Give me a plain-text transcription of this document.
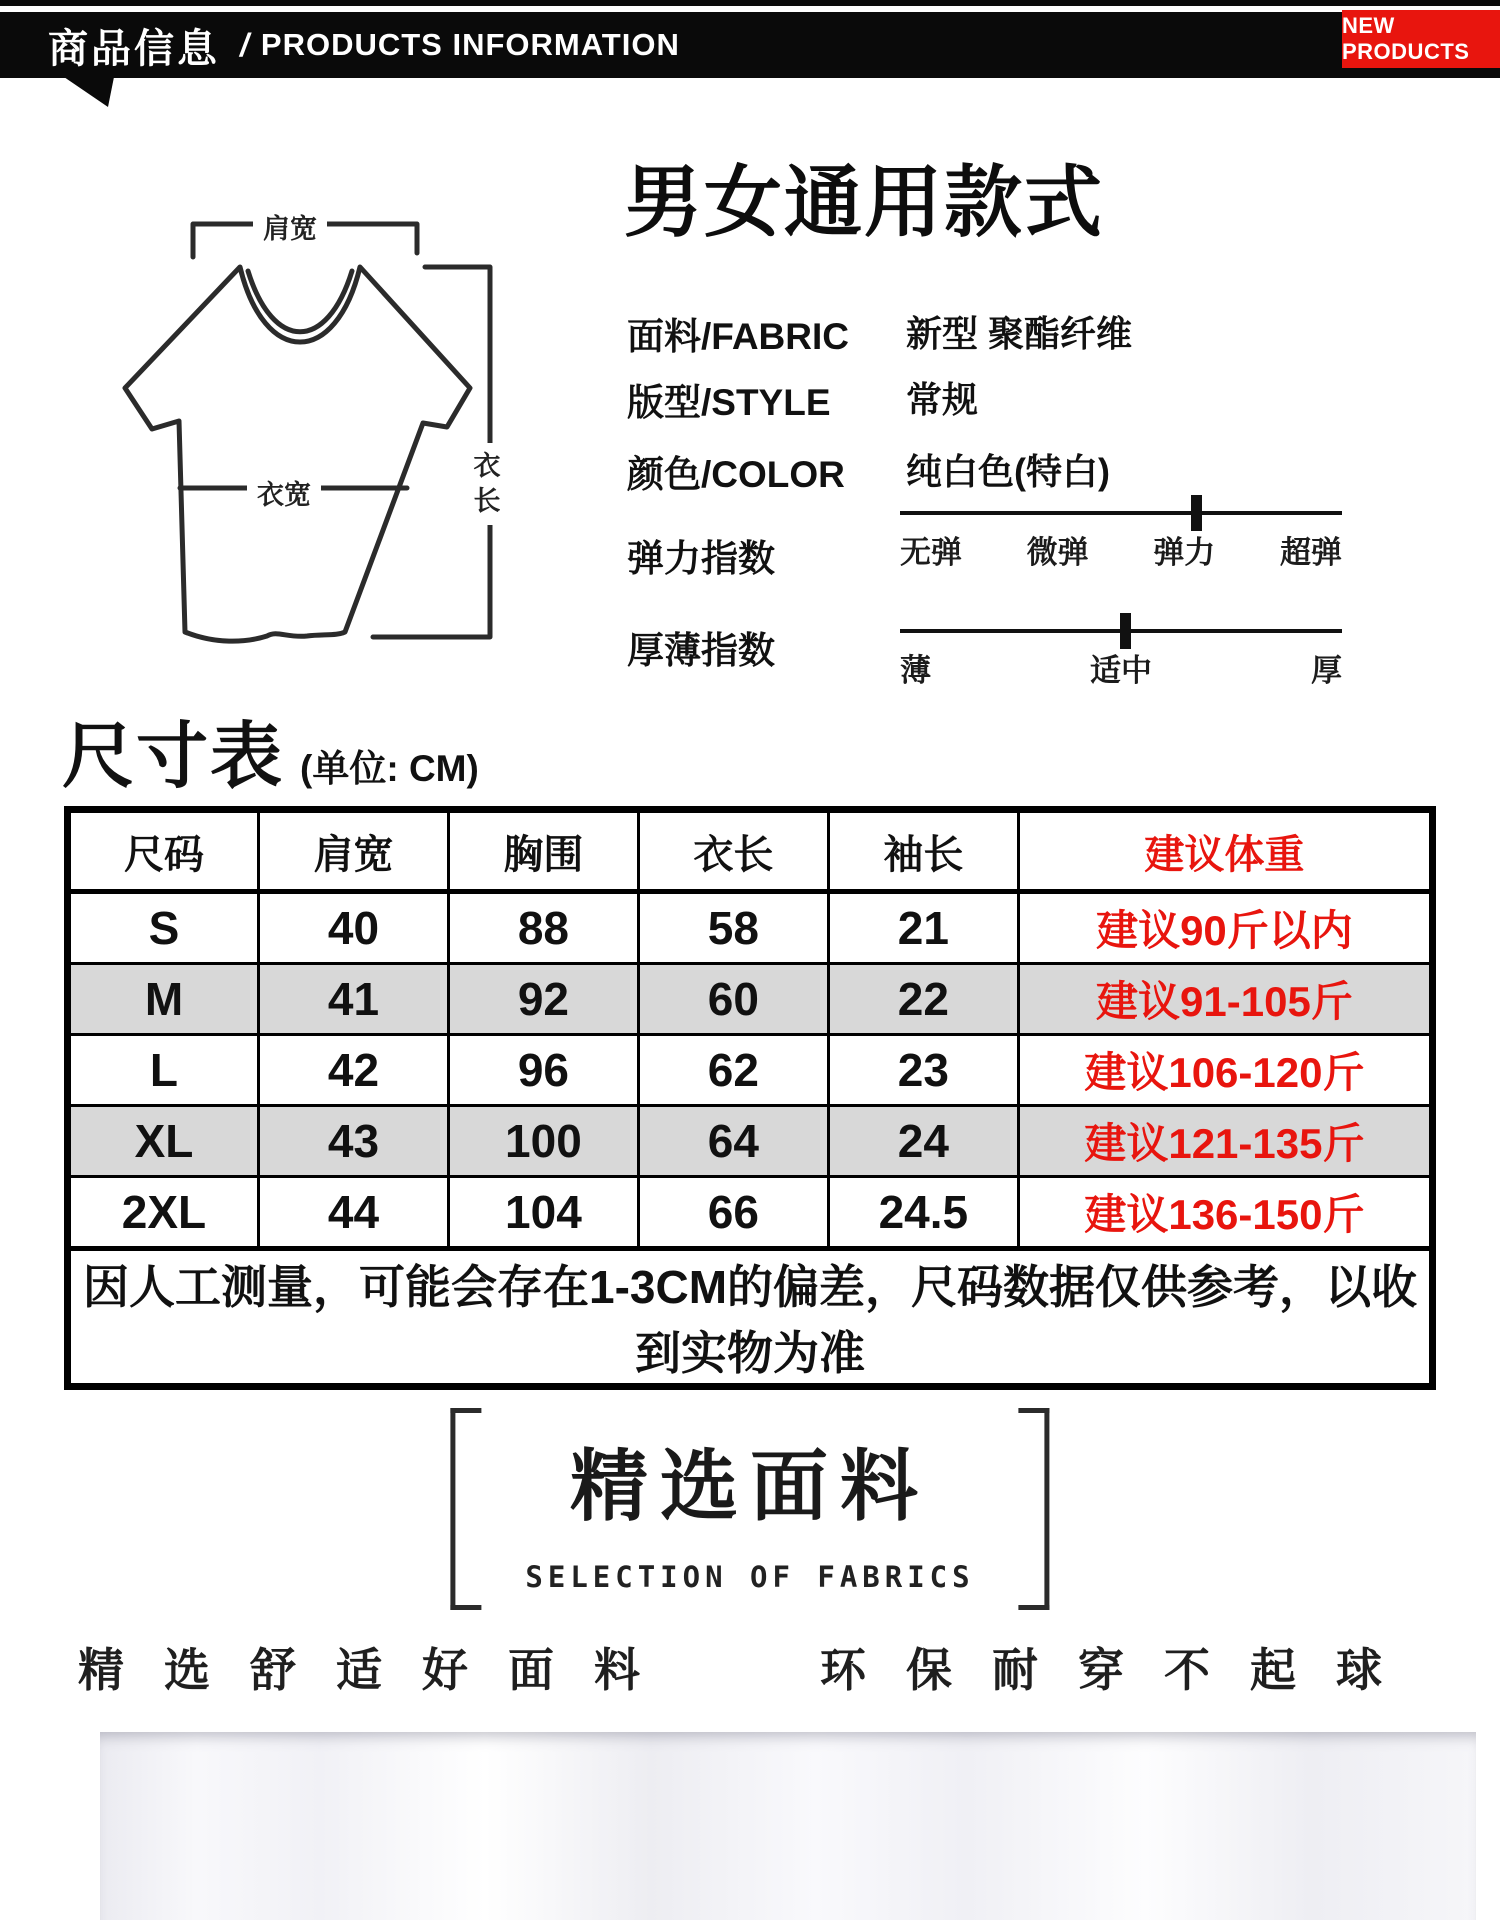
商品信息 / PRODUCTS INFORMATION
NEW PRODUCTS
肩宽
衣宽
衣长
男女通用款式
面料/FABRIC 新型 聚酯纤维
版型/STYLE 常规
颜色/COLOR 纯白色(特白)
弹力指数	无弹 微弹 弹力 超弹
厚薄指数	薄	适中	厚
尺寸表 (单位: CM)
尺码	肩宽	胸围	衣长	袖长	建议体重
S	40	88	58	21	建议90斤以内
M	41	92	60	22	建议91-105斤
L	42	96	62	23	建议106-120斤
XL	43	100	64	24	建议121-135斤
2XL	44	104	66	24.5	建议136-150斤
因人工测量，可能会存在1-3CM的偏差，尺码数据仅供参考，以收到实物为准					
精选面料
SELECTION OF FABRICS
精选舒适好面料	环保耐穿不起球
